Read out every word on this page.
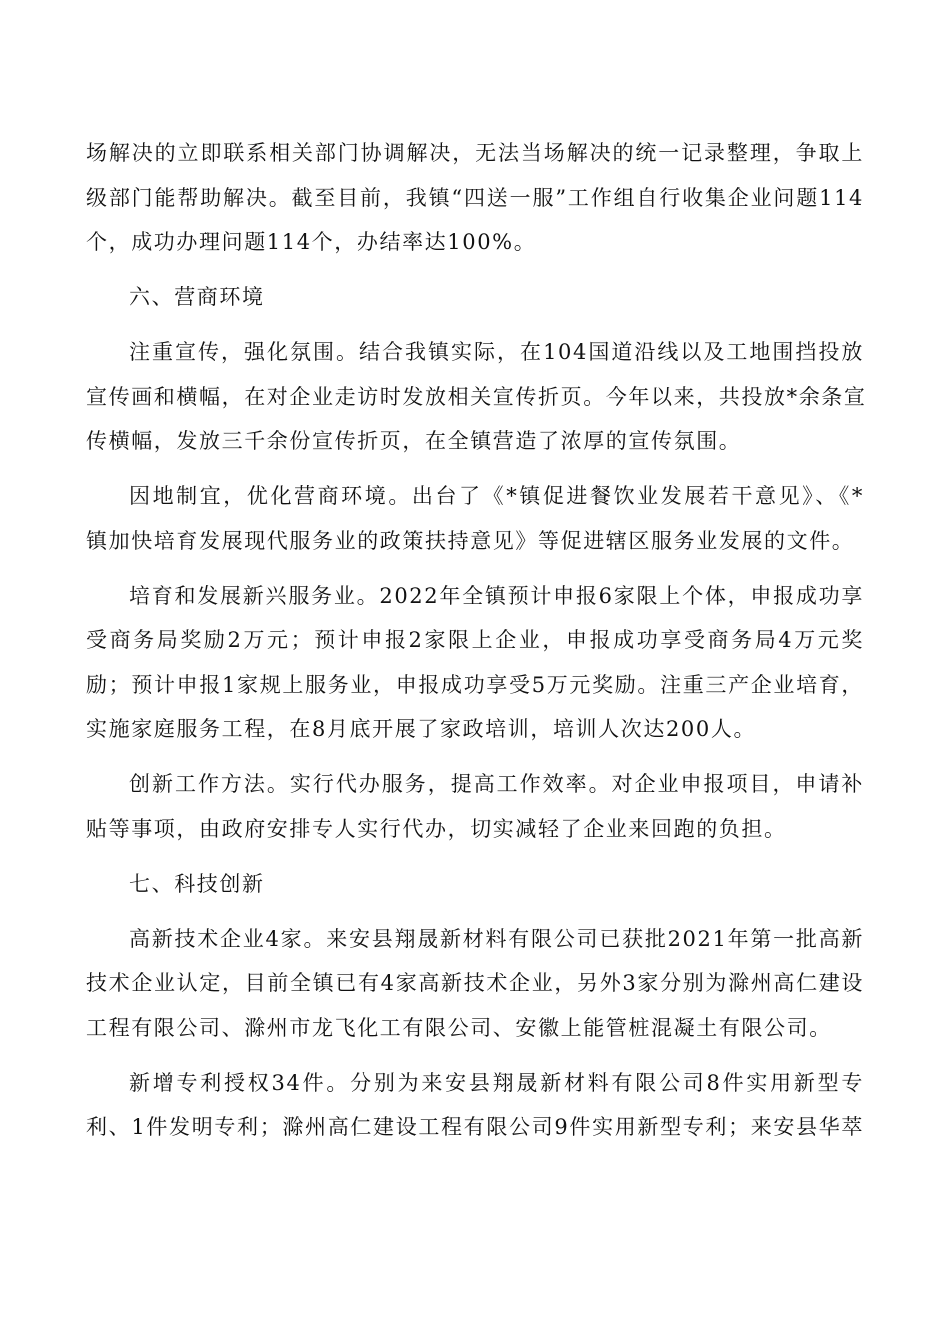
场解决的立即联系相关部门协调解决，无法当场解决的统一记录整理，争取上
级部门能帮助解决。截至目前，我镇“四送一服”工作组自行收集企业问题114
个，成功办理问题114个，办结率达100%。
六、营商环境
注重宣传，强化氛围。结合我镇实际，在104国道沿线以及工地围挡投放
宣传画和横幅，在对企业走访时发放相关宣传折页。今年以来，共投放*余条宣
传横幅，发放三千余份宣传折页，在全镇营造了浓厚的宣传氛围。
因地制宜，优化营商环境。出台了《*镇促进餐饮业发展若干意见》、《*
镇加快培育发展现代服务业的政策扶持意见》等促进辖区服务业发展的文件。
培育和发展新兴服务业。2022年全镇预计申报6家限上个体，申报成功享
受商务局奖励2万元；预计申报2家限上企业，申报成功享受商务局4万元奖
励；预计申报1家规上服务业，申报成功享受5万元奖励。注重三产企业培育，
实施家庭服务工程，在8月底开展了家政培训，培训人次达200人。
创新工作方法。实行代办服务，提高工作效率。对企业申报项目，申请补
贴等事项，由政府安排专人实行代办，切实减轻了企业来回跑的负担。
七、科技创新
高新技术企业4家。来安县翔晟新材料有限公司已获批2021年第一批高新
技术企业认定，目前全镇已有4家高新技术企业，另外3家分别为滁州高仁建设
工程有限公司、滁州市龙飞化工有限公司、安徽上能管桩混凝土有限公司。
新增专利授权34件。分别为来安县翔晟新材料有限公司8件实用新型专
利、1件发明专利；滁州高仁建设工程有限公司9件实用新型专利；来安县华萃
